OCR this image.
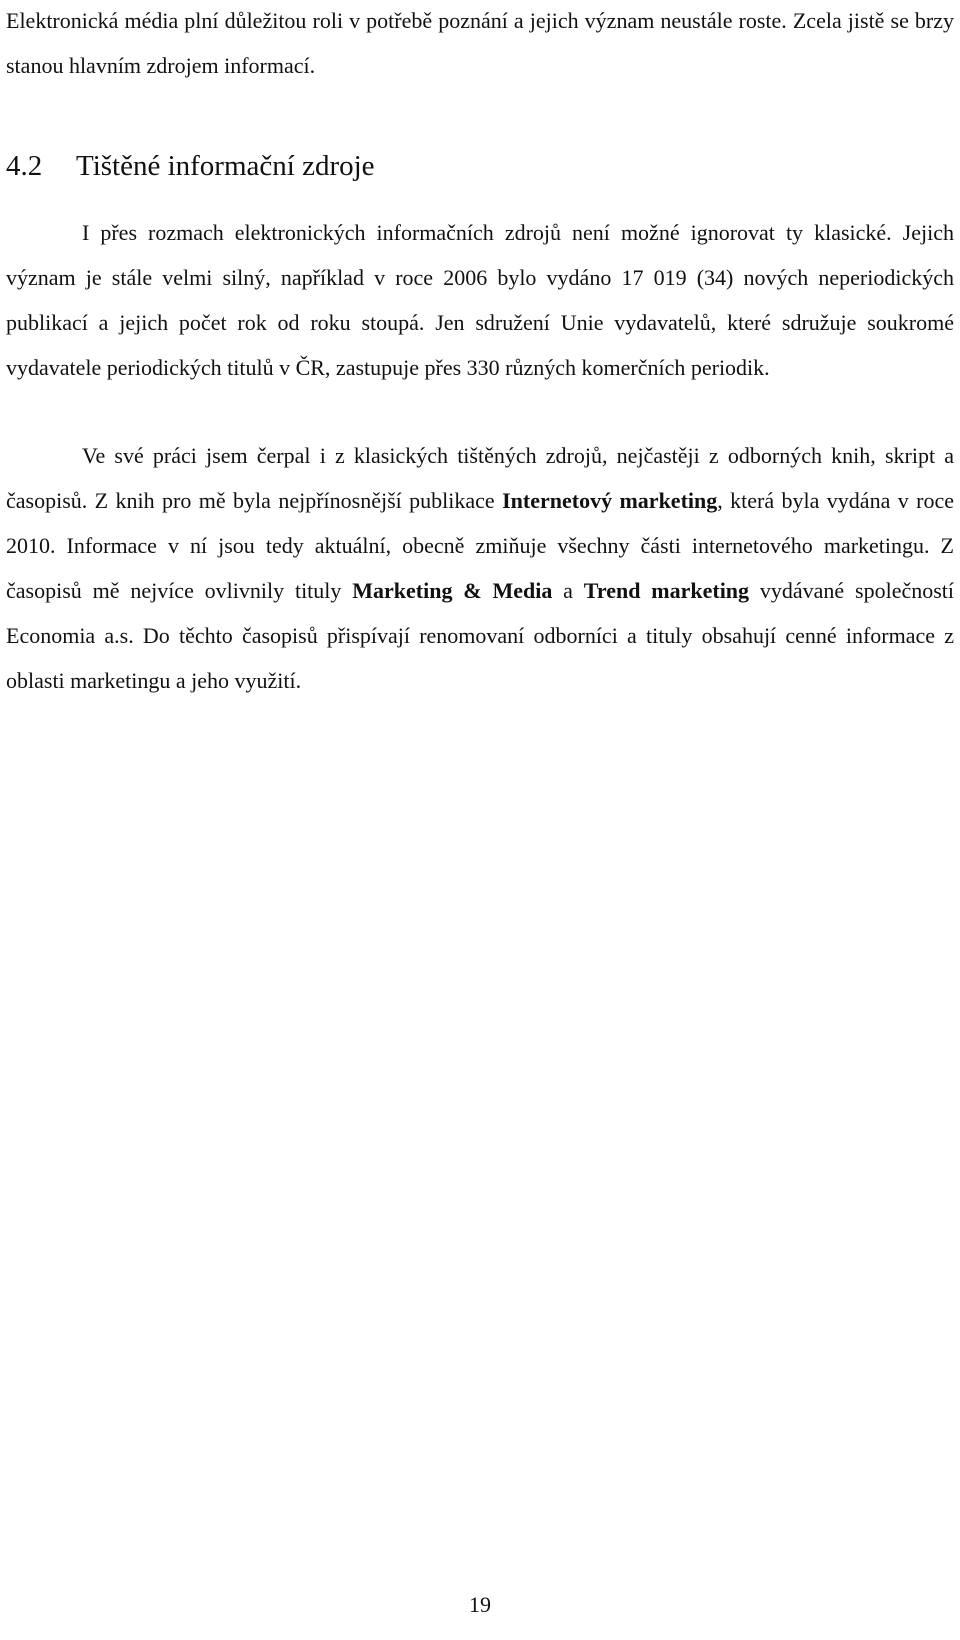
Elektronická média plní důležitou roli v potřebě poznání a jejich význam neustále roste. Zcela jistě se brzy stanou hlavním zdrojem informací.

4.2 Tištěné informační zdroje

I přes rozmach elektronických informačních zdrojů není možné ignorovat ty klasické. Jejich význam je stále velmi silný, například v roce 2006 bylo vydáno 17 019 (34) nových neperiodických publikací a jejich počet rok od roku stoupá. Jen sdružení Unie vydavatelů, které sdružuje soukromé vydavatele periodických titulů v ČR, zastupuje přes 330 různých komerčních periodik.

Ve své práci jsem čerpal i z klasických tištěných zdrojů, nejčastěji z odborných knih, skript a časopisů. Z knih pro mě byla nejpřínosnější publikace Internetový marketing, která byla vydána v roce 2010. Informace v ní jsou tedy aktuální, obecně zmiňuje všechny části internetového marketingu. Z časopisů mě nejvíce ovlivnily tituly Marketing & Media a Trend marketing vydávané společností Economia a.s. Do těchto časopisů přispívají renomovaní odborníci a tituly obsahují cenné informace z oblasti marketingu a jeho využití.

19
